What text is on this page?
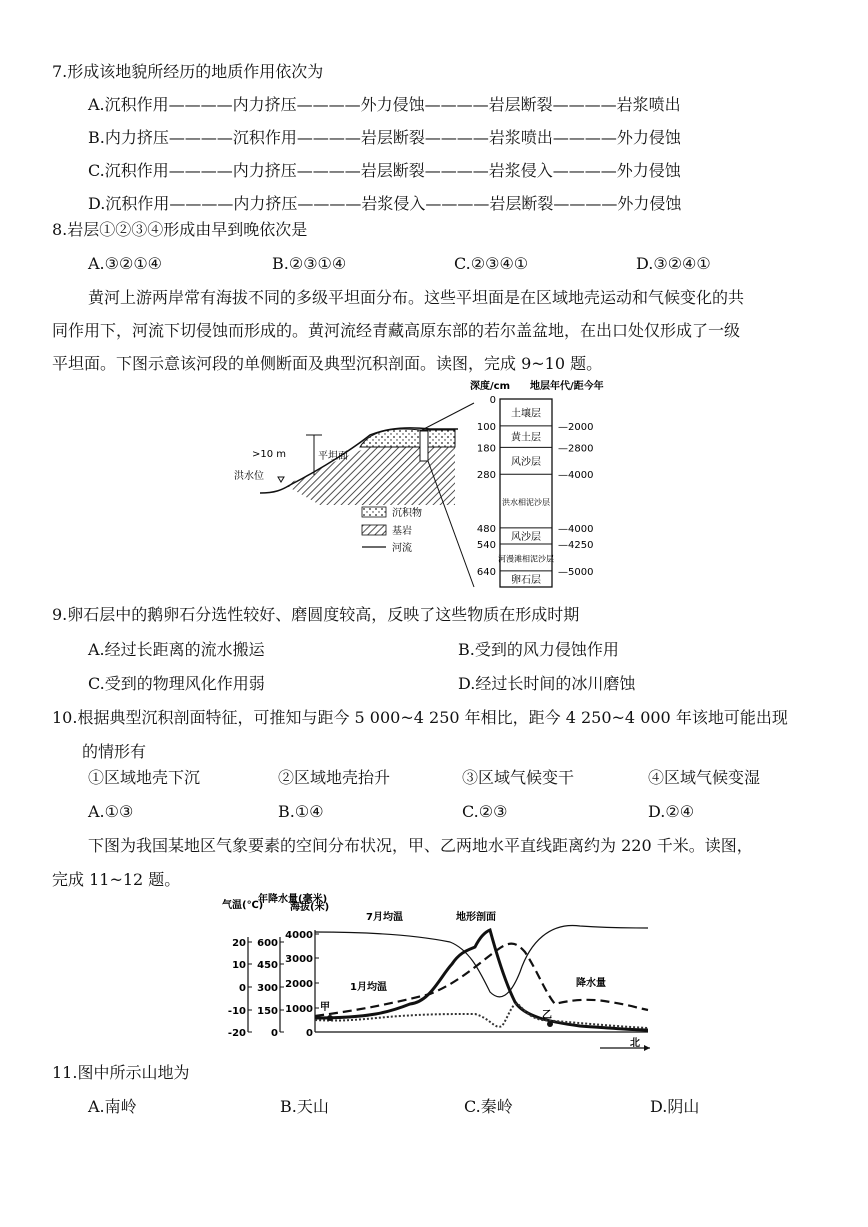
7.形成该地貌所经历的地质作用依次为
A.沉积作用————内力挤压————外力侵蚀————岩层断裂————岩浆喷出
B.内力挤压————沉积作用————岩层断裂————岩浆喷出————外力侵蚀
C.沉积作用————内力挤压————岩层断裂————岩浆侵入————外力侵蚀
D.沉积作用————内力挤压————岩浆侵入————岩层断裂————外力侵蚀
8.岩层①②③④形成由早到晚依次是
A.③②①④	B.②③①④	C.②③④①	D.③②④①
黄河上游两岸常有海拔不同的多级平坦面分布。这些平坦面是在区域地壳运动和气候变化的共
同作用下，河流下切侵蚀而形成的。黄河流经青藏高原东部的若尔盖盆地，在出口处仅形成了一级
平坦面。下图示意该河段的单侧断面及典型沉积剖面。读图，完成 9~10 题。
>10 m	平坦面
洪水位
沉积物
基岩
河流
深度/cm 地层年代/距今年
土壤层
0
黄土层
100	—2000
风沙层
180	—2800
洪水相泥沙层
280	—4000
风沙层
480	—4000
河漫滩相泥沙层
540	—4250
卵石层
640	—5000
9.卵石层中的鹅卵石分选性较好、磨圆度较高，反映了这些物质在形成时期
A.经过长距离的流水搬运	B.受到的风力侵蚀作用
C.受到的物理风化作用弱	D.经过长时间的冰川磨蚀
10.根据典型沉积剖面特征，可推知与距今 5 000~4 250 年相比，距今 4 250~4 000 年该地可能出现
的情形有
①区域地壳下沉	②区域地壳抬升	③区域气候变干	④区域气候变湿
A.①③	B.①④	C.②③	D.②④
下图为我国某地区气象要素的空间分布状况，甲、乙两地水平直线距离约为 220 千米。读图，
完成 11~12 题。
气温(℃)
年降水量(毫米)
海拔(米)
20
10
0
-10
-20
600
450
300
150
0
4000
3000
2000
1000
0
7月均温	地形剖面
1月均温	降水量
甲
乙
北
11.图中所示山地为
A.南岭	B.天山	C.秦岭	D.阴山
